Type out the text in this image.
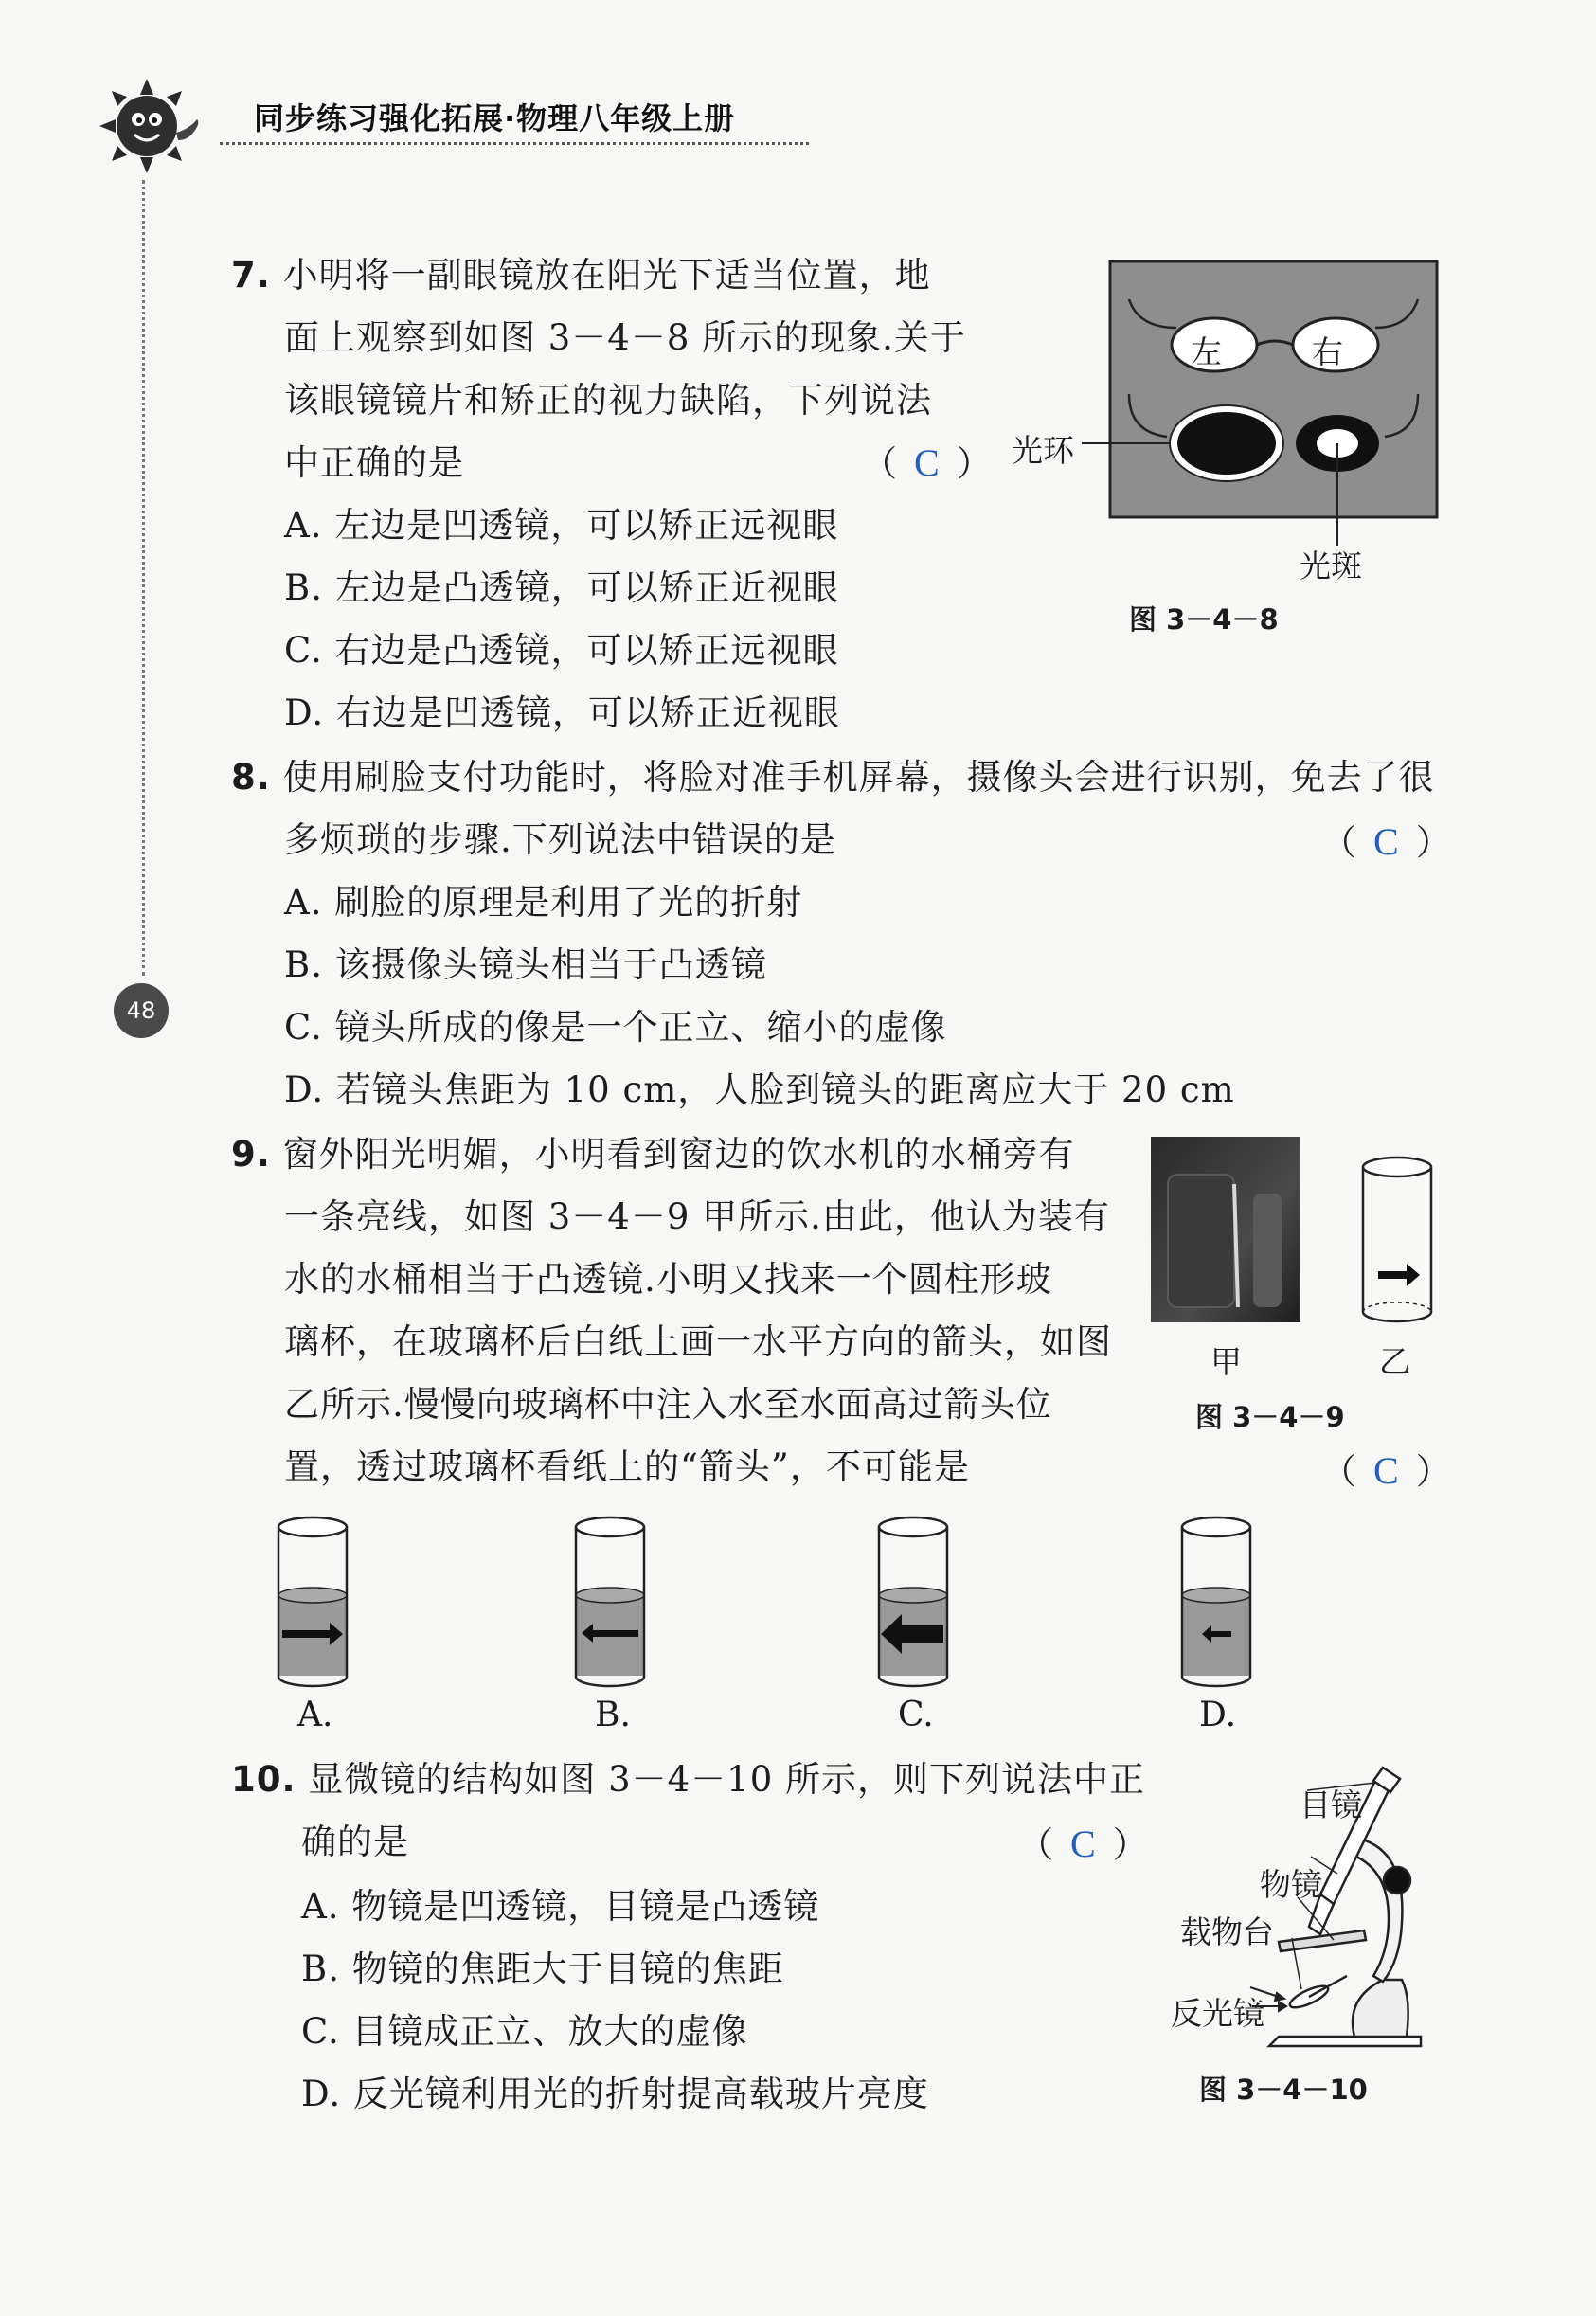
同步练习强化拓展·物理八年级上册
48
7. 小明将一副眼镜放在阳光下适当位置，地
面上观察到如图 3－4－8 所示的现象.关于
该眼镜镜片和矫正的视力缺陷，下列说法
中正确的是	（ C ）
A. 左边是凹透镜，可以矫正远视眼
B. 左边是凸透镜，可以矫正近视眼
C. 右边是凸透镜，可以矫正远视眼
D. 右边是凹透镜，可以矫正近视眼
左	右
光环
光斑
图 3－4－8
8. 使用刷脸支付功能时，将脸对准手机屏幕，摄像头会进行识别，免去了很
多烦琐的步骤.下列说法中错误的是	（ C ）
A. 刷脸的原理是利用了光的折射
B. 该摄像头镜头相当于凸透镜
C. 镜头所成的像是一个正立、缩小的虚像
D. 若镜头焦距为 10 cm，人脸到镜头的距离应大于 20 cm
9. 窗外阳光明媚，小明看到窗边的饮水机的水桶旁有
一条亮线，如图 3－4－9 甲所示.由此，他认为装有
水的水桶相当于凸透镜.小明又找来一个圆柱形玻
璃杯，在玻璃杯后白纸上画一水平方向的箭头，如图
乙所示.慢慢向玻璃杯中注入水至水面高过箭头位
置，透过玻璃杯看纸上的“箭头”，不可能是	（ C ）
甲	乙
图 3－4－9
A.	B.	C.	D.
10. 显微镜的结构如图 3－4－10 所示，则下列说法中正
确的是	（ C ）
A. 物镜是凹透镜，目镜是凸透镜
B. 物镜的焦距大于目镜的焦距
C. 目镜成正立、放大的虚像
D. 反光镜利用光的折射提高载玻片亮度
目镜
物镜
载物台
反光镜
图 3－4－10
